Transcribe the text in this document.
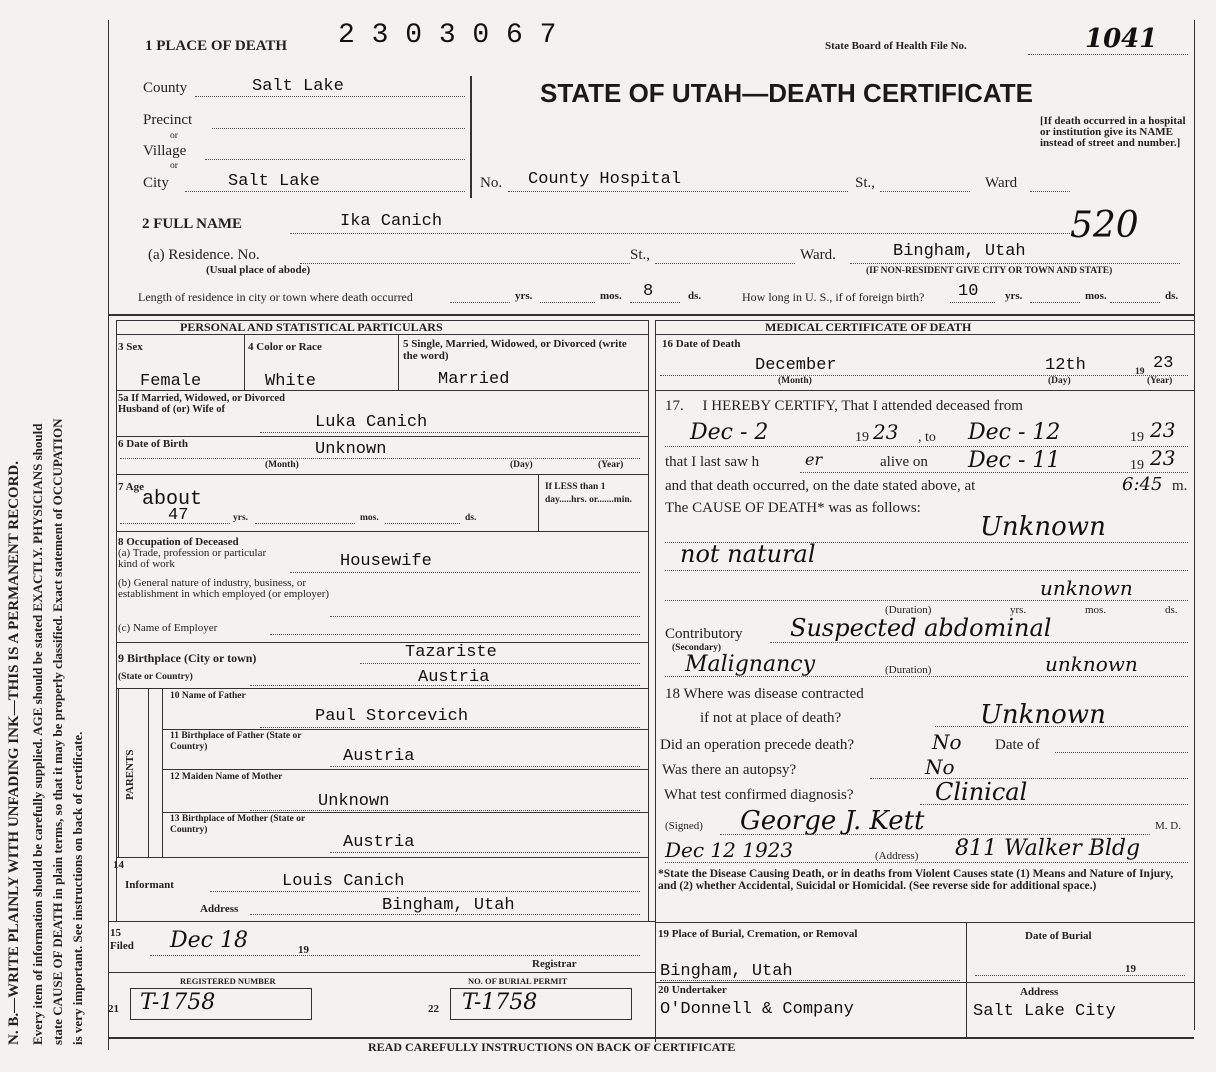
N. B.—WRITE PLAINLY WITH UNFADING INK—THIS IS A PERMANENT RECORD. Every item of information should be carefully supplied. AGE should be stated EXACTLY. PHYSICIANS should state CAUSE OF DEATH in plain terms, so that it may be properly classified. Exact statement of OCCUPATION is very important. See instructions on back of certificate.
1 PLACE OF DEATH 2 3 0 3 0 6 7	State Board of Health File No.	1041
STATE OF UTAH—DEATH CERTIFICATE
[If death occurred in a hospital or institution give its NAME instead of street and number.]
520
County	Salt Lake
Precinct
or
Village
or
City	Salt Lake	No. County Hospital	St.,	Ward
2 FULL NAME	Ika Canich
(a) Residence. No.	St.,	Ward.	Bingham, Utah
(Usual place of abode)	(IF NON-RESIDENT GIVE CITY OR TOWN AND STATE)
Length of residence in city or town where death occurred	yrs.	mos. 8	ds.	How long in U. S., if of foreign birth? 10 yrs.	mos.	ds.
PERSONAL AND STATISTICAL PARTICULARS
3 Sex
Female
4 Color or Race
White
5 Single, Married, Widowed, or Divorced (write the word)
Married
5a If Married, Widowed, or Divorced Husband of (or) Wife of
Luka Canich
6 Date of Birth	Unknown
(Month)	(Day)	(Year)
7 Age
about
47	yrs.	mos.	ds.
If LESS than 1 day.....hrs. or.......min.
8 Occupation of Deceased
(a) Trade, profession or particular kind of work	Housewife
(b) General nature of industry, business, or establishment in which employed (or employer)
(c) Name of Employer
9 Birthplace (City or town)	Tazariste
(State or Country)	Austria
PARENTS
10 Name of Father
Paul Storcevich
11 Birthplace of Father (State or Country)	Austria
12 Maiden Name of Mother
Unknown
13 Birthplace of Mother (State or Country)
Austria
14
Informant	Louis Canich
Address	Bingham, Utah
15
Filed Dec 18	19
Registrar
REGISTERED NUMBER
21 T-1758
NO. OF BURIAL PERMIT
22 T-1758
MEDICAL CERTIFICATE OF DEATH
16 Date of Death
December	12th	19 23
(Month)	(Day)	(Year)
17.     I HEREBY CERTIFY, That I attended deceased from
Dec - 2	19 23 , to Dec - 12	19 23
that I last saw h	er	alive on Dec - 11	19 23
and that death occurred, on the date stated above, at	6:45 m.
The CAUSE OF DEATH* was as follows:
Unknown
not natural
unknown
(Duration)	yrs.	mos.	ds.
Contributory Suspected abdominal
(Secondary)
Malignancy	(Duration)	unknown
18 Where was disease contracted
if not at place of death?	Unknown
Did an operation precede death?	No Date of
Was there an autopsy?	No
What test confirmed diagnosis?	Clinical
(Signed) George J. Kett	M. D.
Dec 12 1923	(Address) 811 Walker Bldg
*State the Disease Causing Death, or in deaths from Violent Causes state (1) Means and Nature of Injury, and (2) whether Accidental, Suicidal or Homicidal. (See reverse side for additional space.)
19 Place of Burial, Cremation, or Removal
Bingham, Utah
Date of Burial
19
20 Undertaker
O'Donnell & Company
Address
Salt Lake City
READ CAREFULLY INSTRUCTIONS ON BACK OF CERTIFICATE
